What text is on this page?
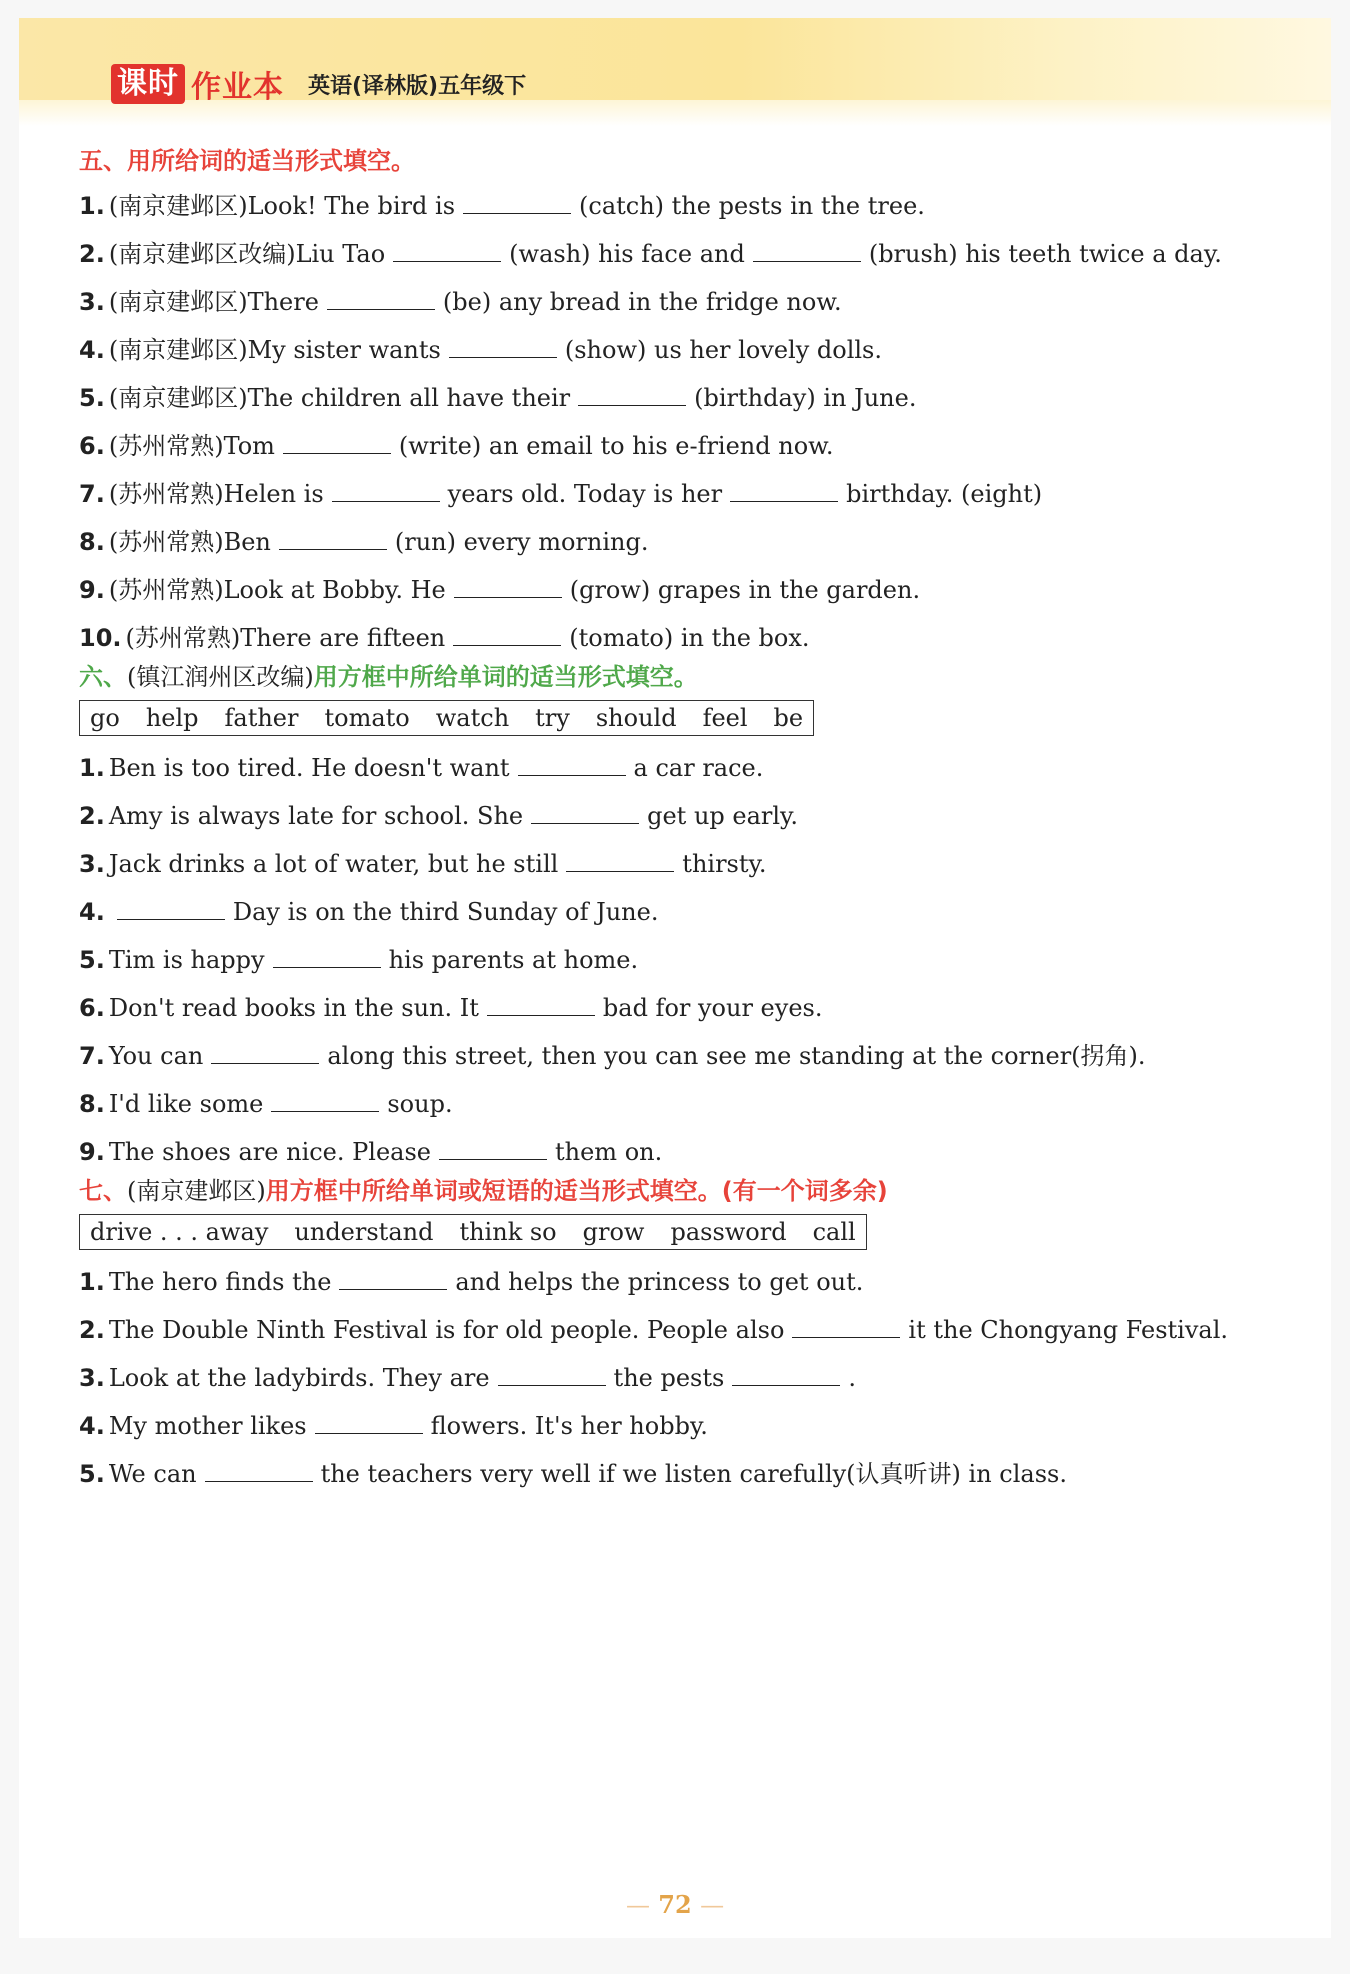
课时 作业本 英语(译林版)五年级下
五、用所给词的适当形式填空。
1. (南京建邺区)Look! The bird is	(catch) the pests in the tree.
2. (南京建邺区改编)Liu Tao	(wash) his face and	(brush) his teeth twice a day.
3. (南京建邺区)There	(be) any bread in the fridge now.
4. (南京建邺区)My sister wants	(show) us her lovely dolls.
5. (南京建邺区)The children all have their	(birthday) in June.
6. (苏州常熟)Tom	(write) an email to his e-friend now.
7. (苏州常熟)Helen is	years old. Today is her	birthday. (eight)
8. (苏州常熟)Ben	(run) every morning.
9. (苏州常熟)Look at Bobby. He	(grow) grapes in the garden.
10. (苏州常熟)There are fifteen	(tomato) in the box.
六、(镇江润州区改编)用方框中所给单词的适当形式填空。
go help father tomato watch try should feel be
1. Ben is too tired. He doesn't want	a car race.
2. Amy is always late for school. She	get up early.
3. Jack drinks a lot of water, but he still	thirsty.
4.	Day is on the third Sunday of June.
5. Tim is happy	his parents at home.
6. Don't read books in the sun. It	bad for your eyes.
7. You can	along this street, then you can see me standing at the corner(拐角).
8. I'd like some	soup.
9. The shoes are nice. Please	them on.
七、(南京建邺区)用方框中所给单词或短语的适当形式填空。(有一个词多余)
drive . . . away understand think so grow password call
1. The hero finds the	and helps the princess to get out.
2. The Double Ninth Festival is for old people. People also	it the Chongyang Festival.
3. Look at the ladybirds. They are	the pests	.
4. My mother likes	flowers. It's her hobby.
5. We can	the teachers very well if we listen carefully(认真听讲) in class.
— 72 —
